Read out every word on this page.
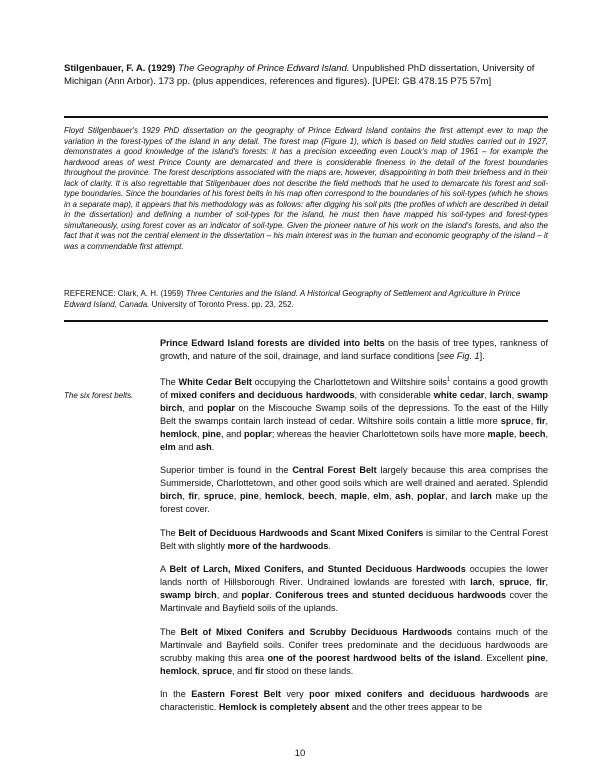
Stilgenbauer, F. A. (1929) The Geography of Prince Edward Island. Unpublished PhD dissertation, University of Michigan (Ann Arbor). 173 pp. (plus appendices, references and figures). [UPEI: GB 478.15 P75 57m]
Floyd Stilgenbauer's 1929 PhD dissertation on the geography of Prince Edward Island contains the first attempt ever to map the variation in the forest-types of the island in any detail. The forest map (Figure 1), which is based on field studies carried out in 1927, demonstrates a good knowledge of the island's forests: it has a precision exceeding even Louck's map of 1961 – for example the hardwood areas of west Prince County are demarcated and there is considerable fineness in the detail of the forest boundaries throughout the province. The forest descriptions associated with the maps are, however, disappointing in both their briefness and in their lack of clarity. It is also regrettable that Stilgenbauer does not describe the field methods that he used to demarcate his forest and soil-type boundaries. Since the boundaries of his forest belts in his map often correspond to the boundaries of his soil-types (which he shows in a separate map), it appears that his methodology was as follows: after digging his soil pits (the profiles of which are described in detail in the dissertation) and defining a number of soil-types for the island, he must then have mapped his soil-types and forest-types simultaneously, using forest cover as an indicator of soil-type. Given the pioneer nature of his work on the island's forests, and also the fact that it was not the central element in the dissertation – his main interest was in the human and economic geography of the island – it was a commendable first attempt.
REFERENCE: Clark, A. H. (1959) Three Centuries and the Island. A Historical Geography of Settlement and Agriculture in Prince Edward Island, Canada. University of Toronto Press. pp. 23, 252.
The six forest belts.

Prince Edward Island forests are divided into belts on the basis of tree types, rankness of growth, and nature of the soil, drainage, and land surface conditions [see Fig. 1].

The White Cedar Belt occupying the Charlottetown and Wiltshire soils$^1$ contains a good growth of mixed conifers and deciduous hardwoods, with considerable white cedar, larch, swamp birch, and poplar on the Miscouche Swamp soils of the depressions. To the east of the Hilly Belt the swamps contain larch instead of cedar. Wiltshire soils contain a little more spruce, fir, hemlock, pine, and poplar; whereas the heavier Charlottetown soils have more maple, beech, elm and ash.

Superior timber is found in the Central Forest Belt largely because this area comprises the Summerside, Charlottetown, and other good soils which are well drained and aerated. Splendid birch, fir, spruce, pine, hemlock, beech, maple, elm, ash, poplar, and larch make up the forest cover.

The Belt of Deciduous Hardwoods and Scant Mixed Conifers is similar to the Central Forest Belt with slightly more of the hardwoods.

A Belt of Larch, Mixed Conifers, and Stunted Deciduous Hardwoods occupies the lower lands north of Hillsborough River. Undrained lowlands are forested with larch, spruce, fir, swamp birch, and poplar. Coniferous trees and stunted deciduous hardwoods cover the Martinvale and Bayfield soils of the uplands.

The Belt of Mixed Conifers and Scrubby Deciduous Hardwoods contains much of the Martinvale and Bayfield soils. Conifer trees predominate and the deciduous hardwoods are scrubby making this area one of the poorest hardwood belts of the island. Excellent pine, hemlock, spruce, and fir stood on these lands.

In the Eastern Forest Belt very poor mixed conifers and deciduous hardwoods are characteristic. Hemlock is completely absent and the other trees appear to be

10
